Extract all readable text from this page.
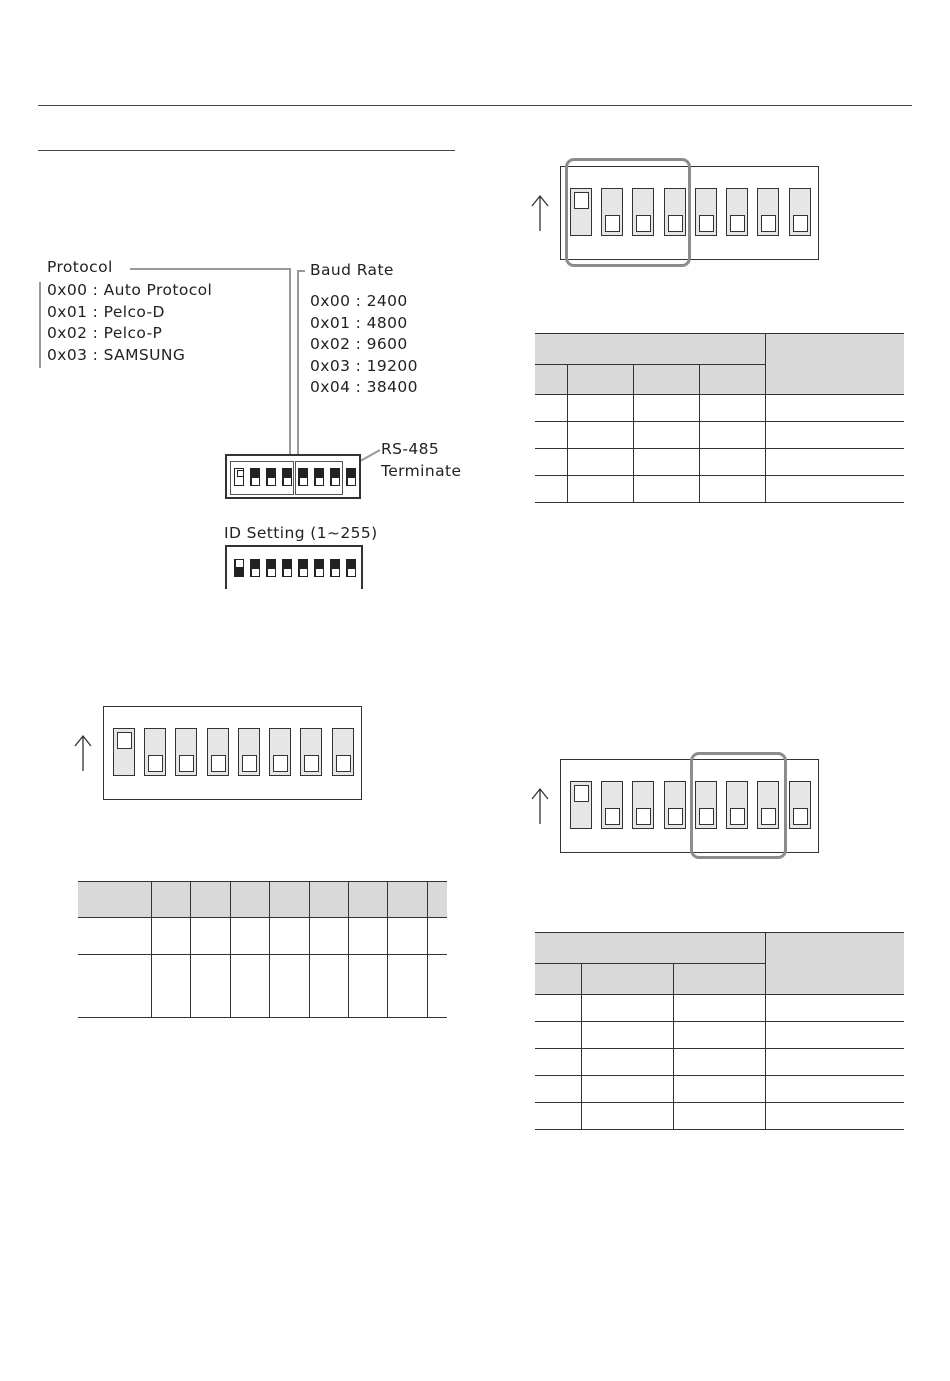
Protocol
0x00 : Auto Protocol
0x01 : Pelco-D
0x02 : Pelco-P
0x03 : SAMSUNG
Baud Rate
0x00 : 2400
0x01 : 4800
0x02 : 9600
0x03 : 19200
0x04 : 38400
RS-485
Terminate
ID Setting (1~255)
